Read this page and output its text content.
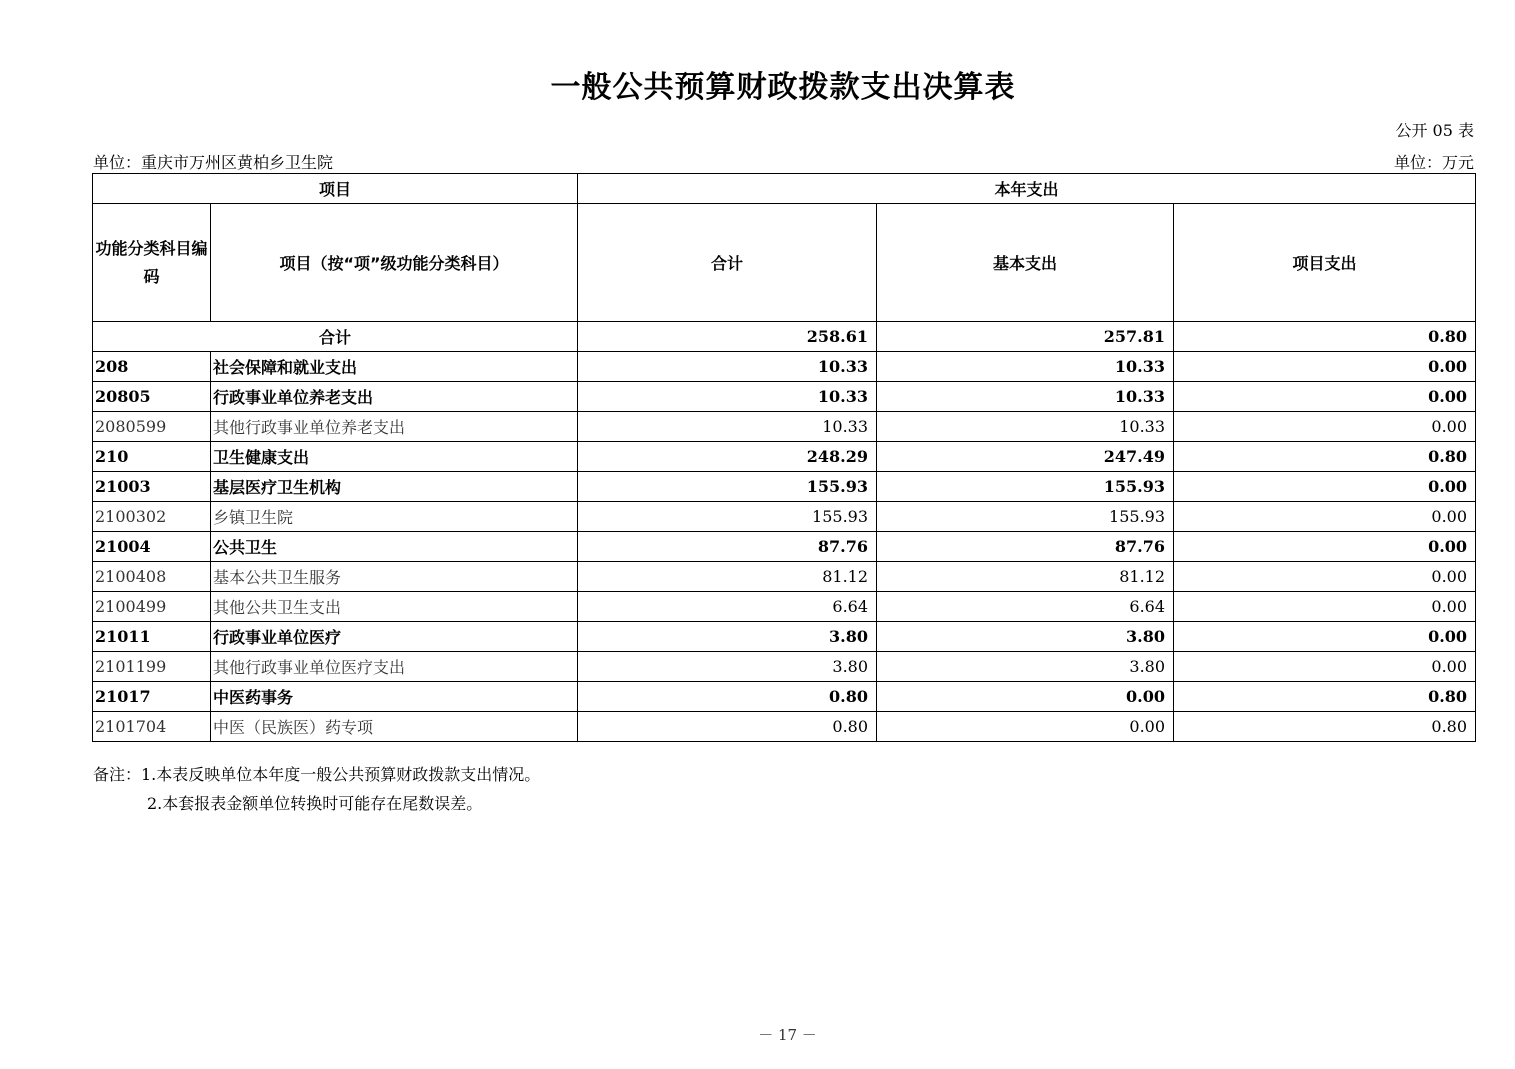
一般公共预算财政拨款支出决算表
公开 05 表
单位：重庆市万州区黄柏乡卫生院	单位：万元
项目		本年支出		
功能分类科目编码	项目（按“项”级功能分类科目）	合计	基本支出	项目支出
合计		258.61	257.81	0.80
208	社会保障和就业支出	10.33	10.33	0.00
20805	行政事业单位养老支出	10.33	10.33	0.00
2080599	其他行政事业单位养老支出	10.33	10.33	0.00
210	卫生健康支出	248.29	247.49	0.80
21003	基层医疗卫生机构	155.93	155.93	0.00
2100302	乡镇卫生院	155.93	155.93	0.00
21004	公共卫生	87.76	87.76	0.00
2100408	基本公共卫生服务	81.12	81.12	0.00
2100499	其他公共卫生支出	6.64	6.64	0.00
21011	行政事业单位医疗	3.80	3.80	0.00
2101199	其他行政事业单位医疗支出	3.80	3.80	0.00
21017	中医药事务	0.80	0.00	0.80
2101704	中医（民族医）药专项	0.80	0.00	0.80
备注：1.本表反映单位本年度一般公共预算财政拨款支出情况。
2.本套报表金额单位转换时可能存在尾数误差。
－ 17 －
